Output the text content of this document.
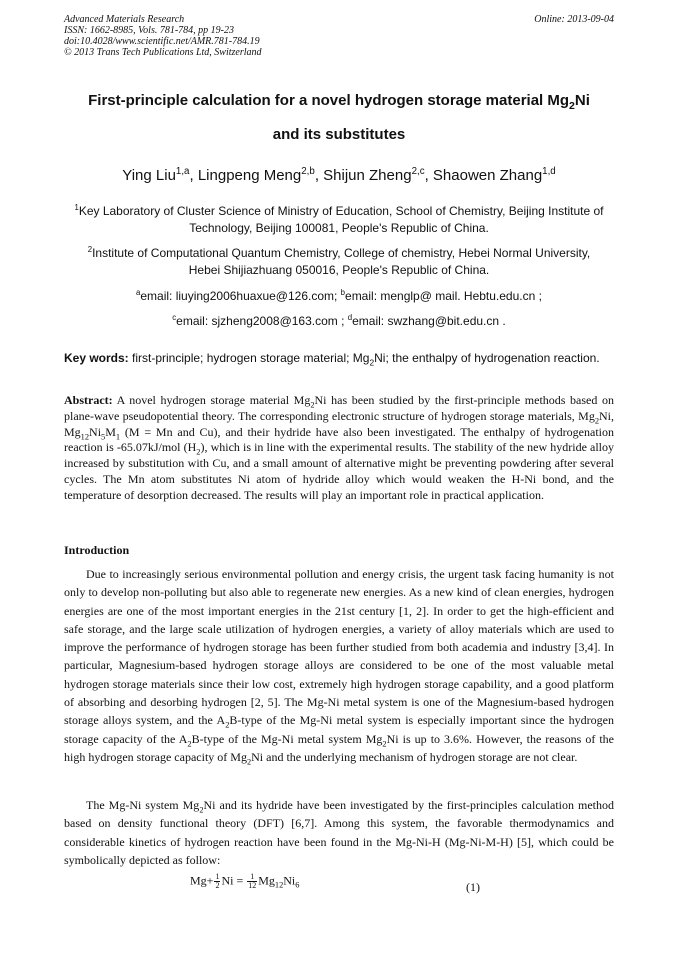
Advanced Materials Research
ISSN: 1662-8985, Vols. 781-784, pp 19-23
doi:10.4028/www.scientific.net/AMR.781-784.19
© 2013 Trans Tech Publications Ltd, Switzerland
Online: 2013-09-04
First-principle calculation for a novel hydrogen storage material $Mg_2Ni$
and its substitutes
Ying Liu$^{1,a}$, Lingpeng Meng$^{2,b}$, Shijun Zheng$^{2,c}$, Shaowen Zhang$^{1,d}$
$^1$Key Laboratory of Cluster Science of Ministry of Education, School of Chemistry, Beijing Institute of
Technology, Beijing 100081, People's Republic of China.
$^2$Institute of Computational Quantum Chemistry, College of chemistry, Hebei Normal University,
Hebei Shijiazhuang 050016, People's Republic of China.
$^a$email: liuying2006huaxue@126.com; $^b$email: menglp@ mail. Hebtu.edu.cn ;
$^c$email: sjzheng2008@163.com ; $^d$email: swzhang@bit.edu.cn .
Key words: first-principle; hydrogen storage material; $Mg_2Ni$; the enthalpy of hydrogenation reaction.
Abstract: A novel hydrogen storage material $Mg_2Ni$ has been studied by the first-principle methods based on plane-wave pseudopotential theory. The corresponding electronic structure of hydrogen storage materials, $Mg_2Ni$, $Mg_{12}Ni_5M_1$ (M = Mn and Cu), and their hydride have also been investigated. The enthalpy of hydrogenation reaction is -65.07kJ/mol $(H_2)$, which is in line with the experimental results. The stability of the new hydride alloy increased by substitution with Cu, and a small amount of alternative might be preventing powdering after several cycles. The Mn atom substitutes Ni atom of hydride alloy which would weaken the H-Ni bond, and the temperature of desorption decreased. The results will play an important role in practical application.
Introduction
Due to increasingly serious environmental pollution and energy crisis, the urgent task facing humanity is not only to develop non-polluting but also able to regenerate new energies. As a new kind of clean energies, hydrogen energies are one of the most important energies in the 21st century [1, 2]. In order to get the high-efficient and safe storage, and the large scale utilization of hydrogen energies, a variety of alloy materials which are used to improve the performance of hydrogen storage has been further studied from both academia and industry [3,4]. In particular, Magnesium-based hydrogen storage alloys are considered to be one of the most valuable metal hydrogen storage materials since their low cost, extremely high hydrogen storage capability, and a good platform of absorbing and desorbing hydrogen [2, 5]. The Mg-Ni metal system is one of the Magnesium-based hydrogen storage alloys system, and the $A_2B$-type of the Mg-Ni metal system is especially important since the hydrogen storage capacity of the $A_2B$-type of the Mg-Ni metal system $Mg_2Ni$ is up to 3.6%. However, the reasons of the high hydrogen storage capacity of $Mg_2Ni$ and the underlying mechanism of hydrogen storage are not clear.
The Mg-Ni system $Mg_2Ni$ and its hydride have been investigated by the first-principles calculation method based on density functional theory (DFT) [6,7]. Among this system, the favorable thermodynamics and considerable kinetics of hydrogen reaction have been found in the Mg-Ni-H (Mg-Ni-M-H) [5], which could be symbolically depicted as follow:
$Mg+ \frac{1}{2}$ $Ni = \frac{1}{12} Mg_{12}Ni_6$	(1)
